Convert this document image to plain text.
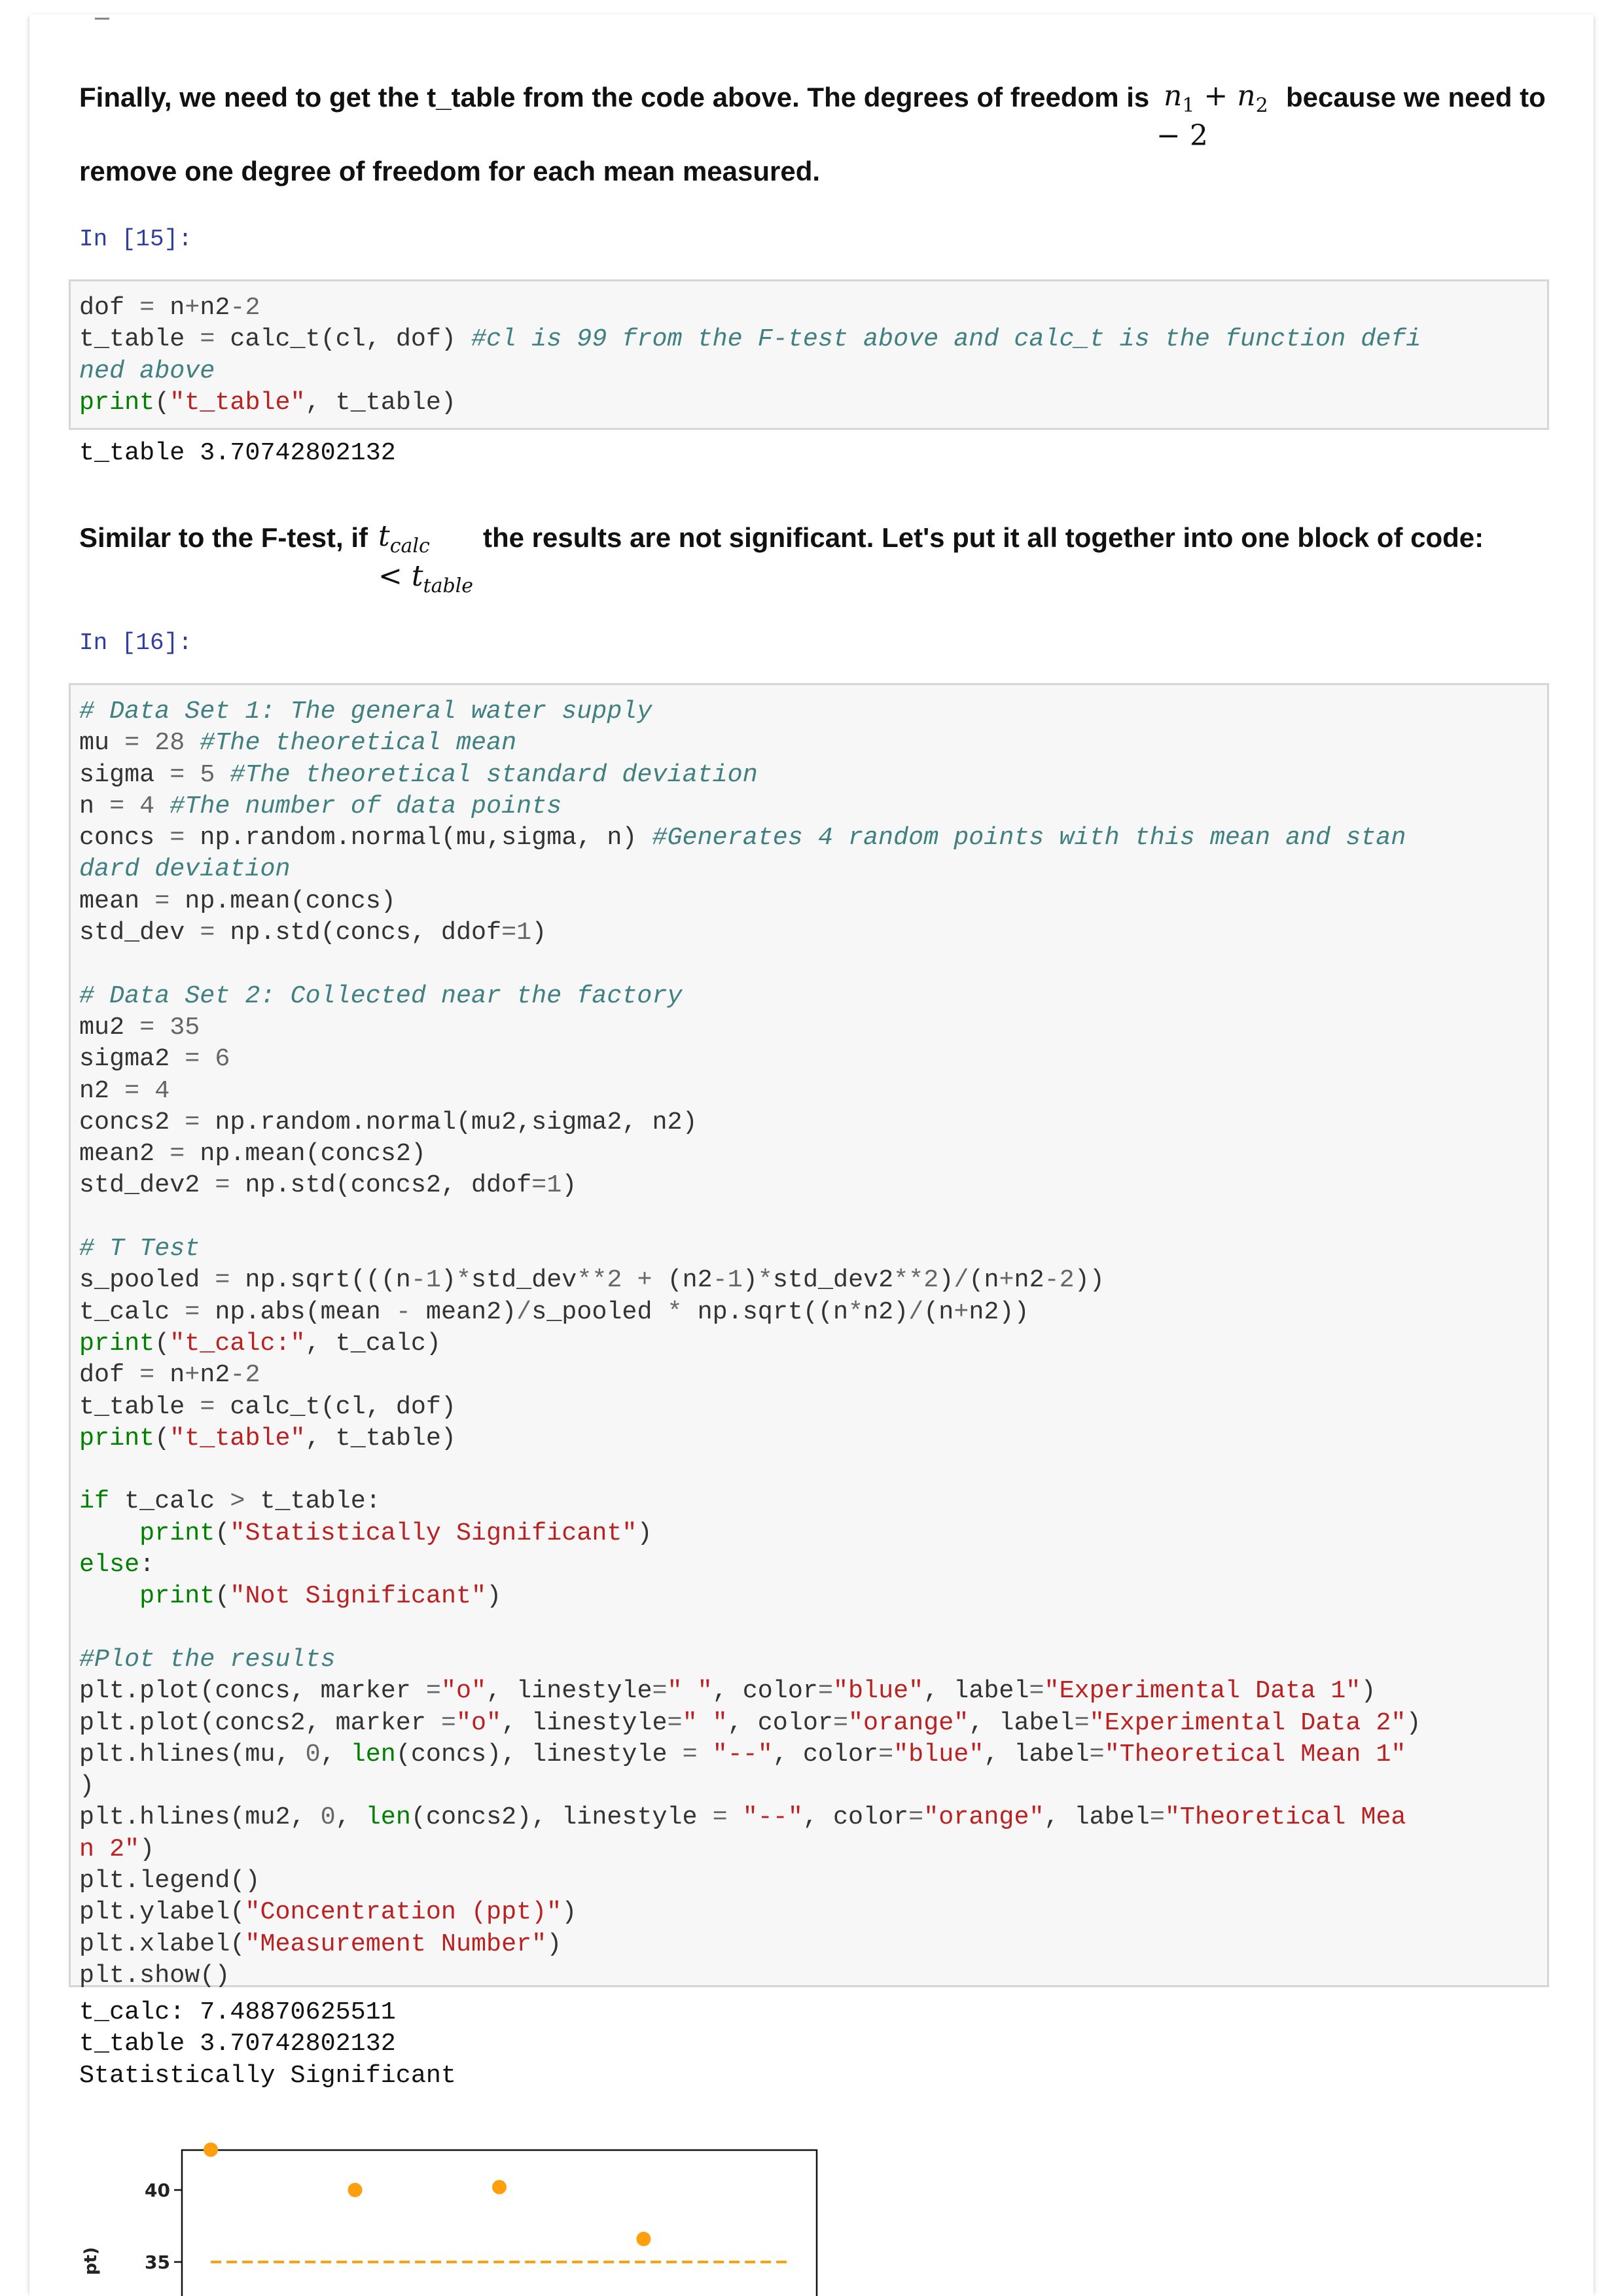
Finally, we need to get the t_table from the code above. The degrees of freedom is $n_1 + n_2$
− 2
because we need to
remove one degree of freedom for each mean measured.
In [15]:
dof = n+n2-2
t_table = calc_t(cl, dof) #cl is 99 from the F-test above and calc_t is the function defi
ned above
print("t_table", t_table)
t_table 3.70742802132
Similar to the F-test, if $t_{calc}$
< $t_{table}$
the results are not significant. Let's put it all together into one block of code:
In [16]:
# Data Set 1: The general water supply
mu = 28 #The theoretical mean
sigma = 5 #The theoretical standard deviation
n = 4 #The number of data points
concs = np.random.normal(mu,sigma, n) #Generates 4 random points with this mean and stan
dard deviation
mean = np.mean(concs)
std_dev = np.std(concs, ddof=1)

# Data Set 2: Collected near the factory
mu2 = 35
sigma2 = 6
n2 = 4
concs2 = np.random.normal(mu2,sigma2, n2)
mean2 = np.mean(concs2)
std_dev2 = np.std(concs2, ddof=1)

# T Test
s_pooled = np.sqrt(((n-1)*std_dev**2 + (n2-1)*std_dev2**2)/(n+n2-2))
t_calc = np.abs(mean - mean2)/s_pooled * np.sqrt((n*n2)/(n+n2))
print("t_calc:", t_calc)
dof = n+n2-2
t_table = calc_t(cl, dof)
print("t_table", t_table)

if t_calc > t_table:
print("Statistically Significant")
else:
print("Not Significant")

#Plot the results
plt.plot(concs, marker ="o", linestyle=" ", color="blue", label="Experimental Data 1")
plt.plot(concs2, marker ="o", linestyle=" ", color="orange", label="Experimental Data 2")
plt.hlines(mu, 0, len(concs), linestyle = "--", color="blue", label="Theoretical Mean 1"
)
plt.hlines(mu2, 0, len(concs2), linestyle = "--", color="orange", label="Theoretical Mea
n 2")
plt.legend()
plt.ylabel("Concentration (ppt)")
plt.xlabel("Measurement Number")
plt.show()
t_calc: 7.48870625511
t_table 3.70742802132
Statistically Significant
40
35
pt)
